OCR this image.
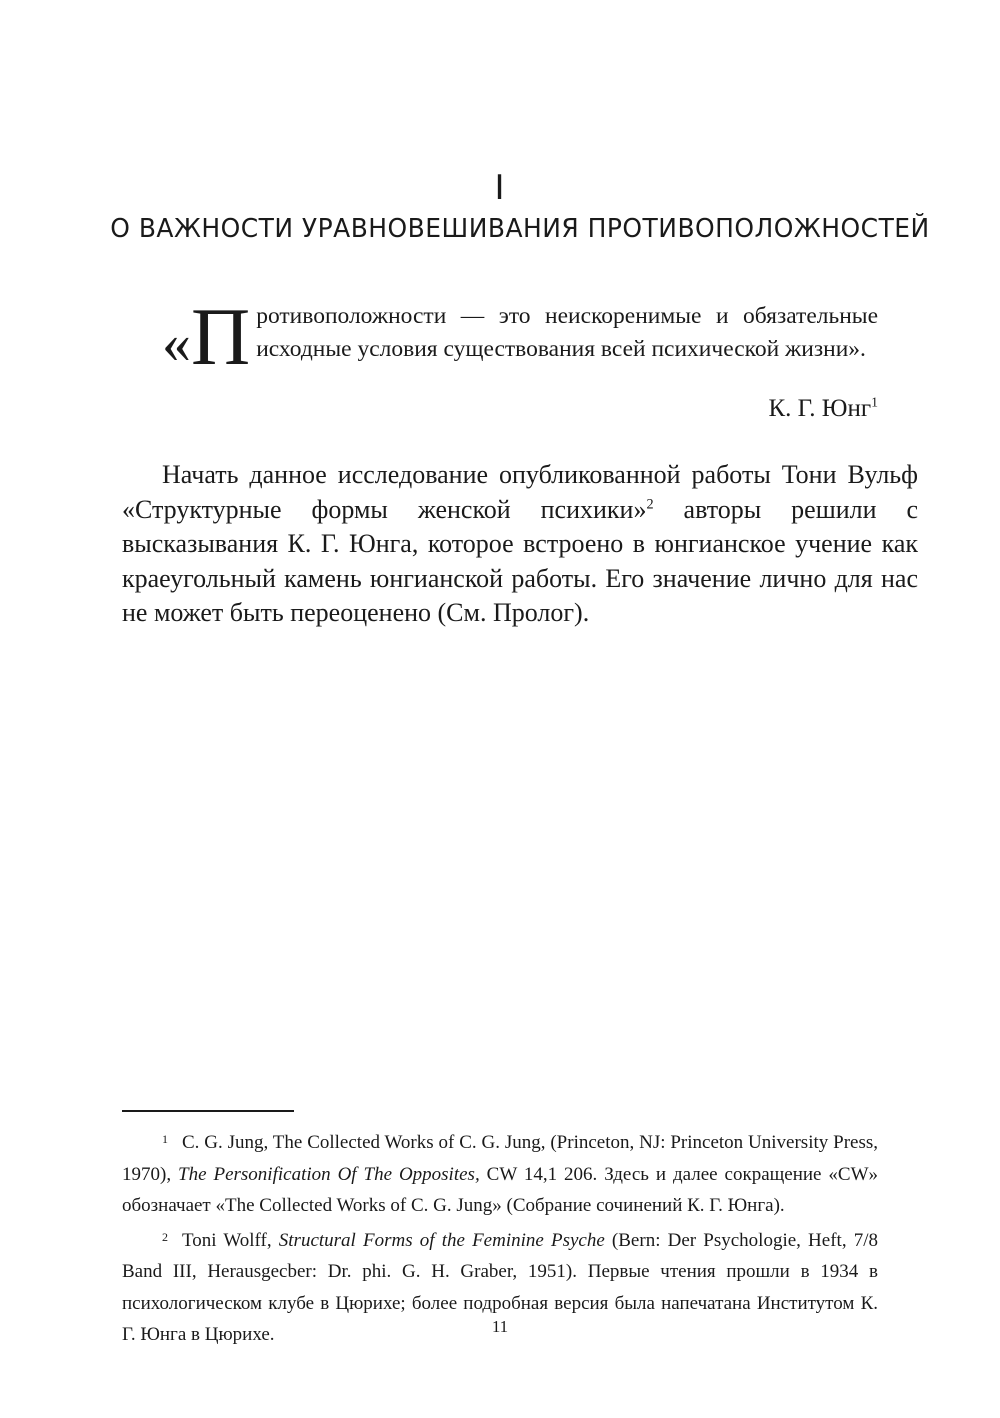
I
О ВАЖНОСТИ УРАВНОВЕШИВАНИЯ ПРОТИВОПОЛОЖНОСТЕЙ
« П ротивоположности — это неискоренимые и обязательные исходные условия существования всей психической жизни».
К. Г. Юнг$^1$
Начать данное исследование опубликованной работы Тони Вульф «Структурные формы женской психики»$^2$ авторы решили с высказывания К. Г. Юнга, которое встроено в юнгианское учение как краеугольный камень юнгианской работы. Его значение лично для нас не может быть переоценено (См. Пролог).

$^1$ C. G. Jung, The Collected Works of C. G. Jung, (Princeton, NJ: Princeton University Press, 1970), The Personification Of The Opposites, CW 14,1 206. Здесь и далее сокращение «CW» обозначает «The Collected Works of C. G. Jung» (Собрание сочинений К. Г. Юнга).

$^2$ Toni Wolff, Structural Forms of the Feminine Psyche (Bern: Der Psychologie, Heft, 7/8 Band III, Herausgecber: Dr. phi. G. H. Graber, 1951). Первые чтения прошли в 1934 в психологическом клубе в Цюрихе; более подробная версия была напечатана Институтом К. Г. Юнга в Цюрихе.	11
